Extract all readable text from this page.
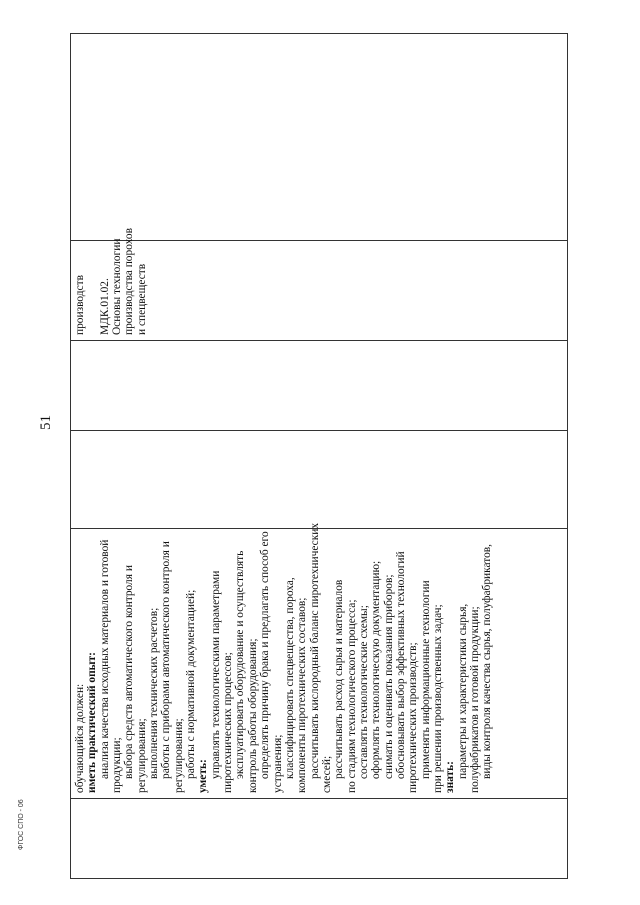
обучающийся должен: иметь практический опыт: анализа качества исходных материалов и готовой продукции; выбора средств автоматического контроля и регулирования; выполнения технических расчетов; работы с приборами автоматического контроля и регулирования; работы с нормативной документацией; уметь: управлять технологическими параметрами пиротехнических процессов; эксплуатировать оборудование и осуществлять контроль работы оборудования; определять причину брака и предлагать способ его устранения; классифицировать спецвещества, пороха, компоненты пиротехнических составов; рассчитывать кислородный баланс пиротехнических смесей; рассчитывать расход сырья и материалов по стадиям технологического процесса; составлять технологические схемы; оформлять технологическую документацию; снимать и оценивать показания приборов; обосновывать выбор эффективных технологий пиротехнических производств; применять информационные технологии при решении производственных задач; знать: параметры и характеристики сырья, полуфабрикатов и готовой продукции; виды контроля качества сырья, полуфабрикатов,

производств
МДК.01.02. Основы технологии производства порохов и спецвеществ

51
ФГОС СПО - 06
